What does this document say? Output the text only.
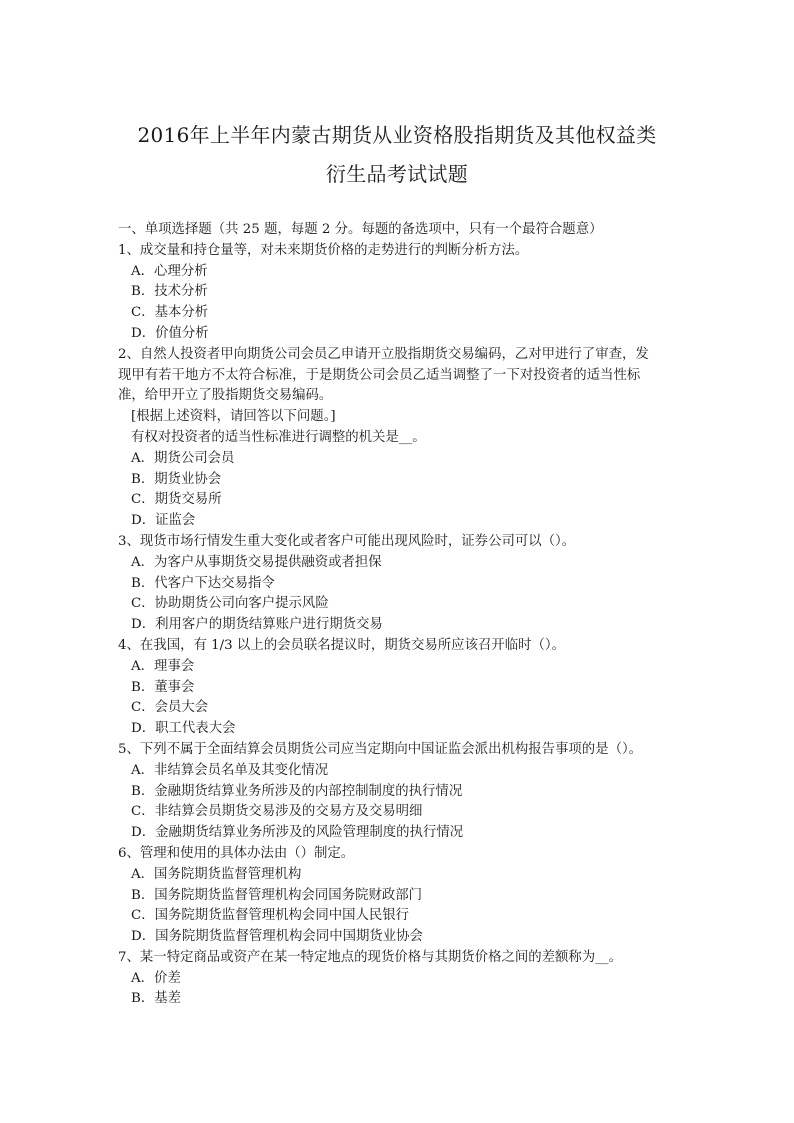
2016年上半年内蒙古期货从业资格股指期货及其他权益类
衍生品考试试题
一、单项选择题（共 25 题，每题 2 分。每题的备选项中，只有一个最符合题意）
1、成交量和持仓量等，对未来期货价格的走势进行的判断分析方法。
A．心理分析
B．技术分析
C．基本分析
D．价值分析
2、自然人投资者甲向期货公司会员乙申请开立股指期货交易编码，乙对甲进行了审查，发
现甲有若干地方不太符合标准，于是期货公司会员乙适当调整了一下对投资者的适当性标
准，给甲开立了股指期货交易编码。
[根据上述资料，请回答以下问题。]
有权对投资者的适当性标准进行调整的机关是__。
A．期货公司会员
B．期货业协会
C．期货交易所
D．证监会
3、现货市场行情发生重大变化或者客户可能出现风险时，证券公司可以（）。
A．为客户从事期货交易提供融资或者担保
B．代客户下达交易指令
C．协助期货公司向客户提示风险
D．利用客户的期货结算账户进行期货交易
4、在我国，有 1/3 以上的会员联名提议时，期货交易所应该召开临时（）。
A．理事会
B．董事会
C．会员大会
D．职工代表大会
5、下列不属于全面结算会员期货公司应当定期向中国证监会派出机构报告事项的是（）。
A．非结算会员名单及其变化情况
B．金融期货结算业务所涉及的内部控制制度的执行情况
C．非结算会员期货交易涉及的交易方及交易明细
D．金融期货结算业务所涉及的风险管理制度的执行情况
6、管理和使用的具体办法由（）制定。
A．国务院期货监督管理机构
B．国务院期货监督管理机构会同国务院财政部门
C．国务院期货监督管理机构会同中国人民银行
D．国务院期货监督管理机构会同中国期货业协会
7、某一特定商品或资产在某一特定地点的现货价格与其期货价格之间的差额称为__。
A．价差
B．基差
